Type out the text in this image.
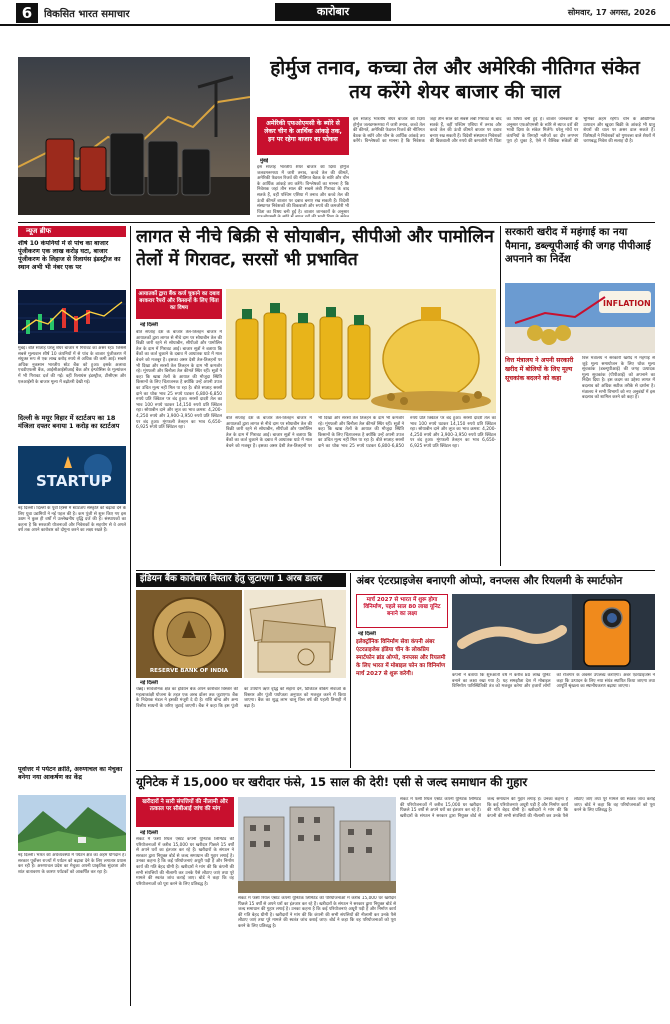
6	विकसित भारत समाचार	कारोबार	सोमवार, 17 अगस्त, 2026
होर्मुज तनाव, कच्चा तेल और अमेरिकी नीतिगत संकेत तय करेंगे शेयर बाजार की चाल
अमेरिकी एफओएमसी के ब्योरे से लेकर चीन के आर्थिक आंकड़े तक, इन पर रहेगा बाजार का फोकस
मुंबई
इस सप्ताह भारतीय शेयर बाजार की दिशा होर्मुज जलडमरूमध्य में जारी तनाव, कच्चे तेल की कीमतें, अमेरिकी फेडरल रिजर्व की नीतिगत बैठक के ब्योरे और चीन के आर्थिक आंकड़े तय करेंगे। विश्लेषकों का मानना है कि निवेशक जहां तीन साल की सबसे लंबी गिरावट के बाद सतर्क हैं, वहीं पश्चिम एशिया में तनाव और कच्चे तेल की ऊंची कीमतें बाजार पर दबाव बनाए रख सकती हैं। विदेशी संस्थागत निवेशकों की बिकवाली और रुपये की कमजोरी भी चिंता का विषय बनी हुई है। बाजार जानकारों के अनुसार
इस सप्ताह भारतीय शेयर बाजार की दिशा होर्मुज जलडमरूमध्य में जारी तनाव, कच्चे तेल की कीमतें, अमेरिकी फेडरल रिजर्व की नीतिगत बैठक के ब्योरे और चीन के आर्थिक आंकड़े तय करेंगे। विश्लेषकों का मानना है कि निवेशक जहां तीन साल की सबसे लंबी गिरावट के बाद सतर्क हैं, वहीं पश्चिम एशिया में तनाव और कच्चे तेल की ऊंची कीमतें बाजार पर दबाव बनाए रख सकती हैं। विदेशी संस्थागत निवेशकों की बिकवाली और रुपये की कमजोरी भी चिंता का विषय बनी हुई है। बाजार जानकारों के अनुसार एफओएमसी के ब्योरे से ब्याज दरों की भावी दिशा के संकेत मिलेंगे। घरेलू मोर्चे पर कंपनियों के तिमाही नतीजों का दौर लगभग पूरा हो चुका है, ऐसे में वैश्विक संकेतों की भूमिका अहम रहेगी। चीन के औद्योगिक उत्पादन और खुदरा बिक्री के आंकड़े भी धातु शेयरों की चाल पर असर डाल सकते हैं। विशेषज्ञों ने निवेशकों को गुणवत्ता वाले शेयरों में चरणबद्ध निवेश की सलाह दी है।
न्यूज ब्रीफ
शीर्ष 10 कंपनियों में से पांच का बाजार पूंजीकरण एक लाख करोड़ घटा, बाजार पूंजीकरण के लिहाज से रिलायंस इंडस्ट्रीज का स्थान अभी भी नंबर एक पर
मुंबई। बीते सप्ताह घरेलू शेयर बाजार में गिरावट का असर रहा। जिससे सबसे मूल्यवान शीर्ष 10 कंपनियों में से पांच के बाजार पूंजीकरण में संयुक्त रूप से एक लाख करोड़ रुपये से अधिक की कमी आई। सबसे अधिक नुकसान भारतीय स्टेट बैंक को हुआ। इसके अलावा एचडीएफसी बैंक, आईसीआईसीआई बैंक और इन्फोसिस के मूल्यांकन में भी गिरावट दर्ज की गई। वहीं रिलायंस इंडस्ट्रीज, टीसीएस और एलआईसी के बाजार मूल्य में बढ़ोतरी देखी गई।
दिल्ली के मयूर विहार में स्टार्टअप का 18 मंजिला दफ्तर बनाया 1 करोड़ का स्टार्टअप
STARTUP
नई दिल्ली। दिल्ली के पूर्वी हिस्से में स्टार्टअप संस्कृति को बढ़ावा देने के लिए युवा उद्यमियों ने नई पहल की है। कम पूंजी से शुरू किए गए इस उद्यम ने कुछ ही वर्षों में उल्लेखनीय वृद्धि दर्ज की है। संस्थापकों का कहना है कि सरकारी योजनाओं और निवेशकों के सहयोग से वे अगले वर्ष तक अपने कारोबार को दोगुना करने का लक्ष्य रखते हैं।
पूर्वोत्तर में पर्यटन क्रांति, अरुणाचल का मेचुका बनेगा नया आकर्षण का केंद्र
नई दिल्ली। भारत की अर्थव्यवस्था में पर्यटन क्षेत्र का अहम योगदान है। सरकार पूर्वोत्तर राज्यों में पर्यटन को बढ़ावा देने के लिए लगातार प्रयास कर रही है। अरुणाचल प्रदेश का मेचुका अपनी प्राकृतिक सुंदरता और शांत वातावरण के कारण पर्यटकों को आकर्षित कर रहा है।
लागत से नीचे बिक्री से सोयाबीन, सीपीओ और पामोलिन तेलों में गिरावट, सरसों भी प्रभावित
आयातकों द्वारा बैंक कर्ज चुकाने का दबाव बरकरार रैपरों और किसानों के लिए चिंता का विषय
नई दिल्ली
बीते सप्ताह देश के बाजार तेल-तिलहन बाजार में आयातकों द्वारा लागत से नीचे दाम पर सोयाबीन तेल की बिक्री जारी रहने से सोयाबीन, सीपीओ और पामोलिन तेल के दाम में गिरावट आई। बाजार सूत्रों ने बताया कि बैंकों का कर्ज चुकाने के दबाव में आयातक घाटे में माल बेचने को मजबूर हैं। इसका असर देशी तेल-तिलहनों पर भी दिखा और सरसों तेल तिलहन के दाम भी कमजोर रहे। मूंगफली और बिनौला तेल कीमतें स्थिर रहीं। सूत्रों ने कहा कि खाद्य तेलों के आयात की मौजूदा स्थिति किसानों के लिए चिंताजनक है क्योंकि उन्हें अपनी उपज का उचित मूल्य नहीं मिल पा रहा है। बीते सप्ताह सरसों दाने का थोक भाव 25 रुपये घटकर 6,800-6,850 रुपये प्रति क्विंटल पर बंद हुआ। सरसों दादरी तेल का भाव 100 रुपये घटकर 14,150 रुपये प्रति क्विंटल रहा। सोयाबीन दाने और लूज का भाव क्रमश: 4,200-4,250 रुपये और 3,900-3,950 रुपये प्रति क्विंटल पर बंद हुआ। मूंगफली तेलहन का भाव 6,650-6,925 रुपये प्रति क्विंटल रहा।
बीते सप्ताह देश के बाजार तेल-तिलहन बाजार में आयातकों द्वारा लागत से नीचे दाम पर सोयाबीन तेल की बिक्री जारी रहने से सोयाबीन, सीपीओ और पामोलिन तेल के दाम में गिरावट आई। बाजार सूत्रों ने बताया कि बैंकों का कर्ज चुकाने के दबाव में आयातक घाटे में माल बेचने को मजबूर हैं। इसका असर देशी तेल-तिलहनों पर भी दिखा और सरसों तेल तिलहन के दाम भी कमजोर रहे। मूंगफली और बिनौला तेल कीमतें स्थिर रहीं। सूत्रों ने कहा कि खाद्य तेलों के आयात की मौजूदा स्थिति किसानों के लिए चिंताजनक है क्योंकि उन्हें अपनी उपज का उचित मूल्य नहीं मिल पा रहा है। बीते सप्ताह सरसों दाने का थोक भाव 25 रुपये घटकर 6,800-6,850 रुपये प्रति क्विंटल पर बंद हुआ। सरसों दादरी तेल का भाव 100 रुपये घटकर 14,150 रुपये प्रति क्विंटल रहा। सोयाबीन दाने और लूज का भाव क्रमश: 4,200-4,250 रुपये और 3,900-3,950 रुपये प्रति क्विंटल पर बंद हुआ। मूंगफली तेलहन का भाव 6,650-6,925 रुपये प्रति क्विंटल रहा।
सरकारी खरीद में महंगाई का नया पैमाना, डब्ल्यूपीआई की जगह पीपीआई अपनाने का निर्देश
INFLATION
वित्त मंत्रालय ने अपनी सरकारी खरीद में बोलियों के लिए मूल्य सूचकांक बदलने को कहा
वित्त मंत्रालय ने सरकारी खरीद में महंगाई से जुड़े मूल्य समायोजन के लिए थोक मूल्य सूचकांक (डब्ल्यूपीआई) की जगह उत्पादक मूल्य सूचकांक (पीपीआई) को अपनाने का निर्देश दिया है। इस कदम का उद्देश्य लागत में बदलाव को अधिक सटीक तरीके से दर्शाना है। मंत्रालय ने सभी विभागों को नए अनुबंधों में इस बदलाव को शामिल करने को कहा है।
इंडियन बैंक कारोबार विस्तार हेतु जुटाएगा 1 अरब डालर
RESERVE BANK OF INDIA
नई दिल्ली
चेन्नई। सार्वजनिक क्षेत्र का इंडियन बैंक अपने कारोबार विस्तार की महत्वाकांक्षी योजना के तहत एक अरब डॉलर तक जुटाएगा। बैंक के निदेशक मंडल ने इसकी मंजूरी दे दी है। राशि बॉन्ड और अन्य वित्तीय साधनों के जरिए जुटाई जाएगी। बैंक ने कहा कि इस पूंजी का उपयोग ऋण वृद्धि को सहारा देने, डिजिटल बैंकिंग सेवाओं के विस्तार और पूंजी पर्याप्तता अनुपात को मजबूत करने में किया जाएगा। बैंक का शुद्ध लाभ चालू वित्त वर्ष की पहली तिमाही में बढ़ा है।
अंबर एंटरप्राइजेस बनाएगी ओप्पो, वनप्लस और रियलमी के स्मार्टफोन
मार्च 2027 से भारत में शुरू होगा विनिर्माण, पहले साल 80 लाख यूनिट बनाने का लक्ष्य
नई दिल्ली
इलेक्ट्रॉनिक विनिर्माण सेवा कंपनी अंबर एंटरप्राइजेस इंडिया चीन के लोकप्रिय स्मार्टफोन ब्रांड ओप्पो, वनप्लस और रियलमी के लिए भारत में मोबाइल फोन का विनिर्माण मार्च 2027 से शुरू करेगी।	कंपनी ने बताया कि शुरुआती वर्ष में करीब 80 लाख यूनिट बनाने का लक्ष्य रखा गया है। यह समझौता देश में मोबाइल विनिर्माण पारिस्थितिकी तंत्र को मजबूत करेगा और हजारों लोगों को रोजगार के अवसर उपलब्ध कराएगा। अंबर एंटरप्राइजेस ने कहा कि उत्पादन के लिए नया संयंत्र स्थापित किया जाएगा तथा आपूर्ति श्रृंखला का स्थानीयकरण बढ़ाया जाएगा।
यूनिटेक में 15,000 घर खरीदार फंसे, 15 साल की देरी! एसी से जल्द समाधान की गुहार
खरीदारों ने सारी संपत्तियों की नीलामी और तत्काल पर सीबीआई जांच की मांग
नई दिल्ली
संकट में फंसी रियल एस्टेट कंपनी यूनिटेक लिमिटेड की परियोजनाओं में करीब 15,000 घर खरीदार पिछले 15 वर्षों से अपने घरों का इंतजार कर रहे हैं। खरीदारों के संगठन ने सरकार द्वारा नियुक्त बोर्ड से जल्द समाधान की गुहार लगाई है। उनका कहना है कि कई परियोजनाएं अधूरी पड़ी हैं और निर्माण कार्य की गति बेहद धीमी है। खरीदारों ने मांग की कि कंपनी की सभी संपत्तियों की नीलामी कर उनके पैसे लौटाए जाएं तथा पूरे मामले की स्वतंत्र जांच कराई जाए। बोर्ड ने कहा कि वह परियोजनाओं को पूरा करने के लिए प्रतिबद्ध है।
संकट में फंसी रियल एस्टेट कंपनी यूनिटेक लिमिटेड की परियोजनाओं में करीब 15,000 घर खरीदार पिछले 15 वर्षों से अपने घरों का इंतजार कर रहे हैं। खरीदारों के संगठन ने सरकार द्वारा नियुक्त बोर्ड से जल्द समाधान की गुहार लगाई है। उनका कहना है कि कई परियोजनाएं अधूरी पड़ी हैं और निर्माण कार्य की गति बेहद धीमी है। खरीदारों ने मांग की कि कंपनी की सभी संपत्तियों की नीलामी कर उनके पैसे लौटाए जाएं तथा पूरे मामले की स्वतंत्र जांच कराई जाए। बोर्ड ने कहा कि वह परियोजनाओं को पूरा करने के लिए प्रतिबद्ध है।
संकट में फंसी रियल एस्टेट कंपनी यूनिटेक लिमिटेड की परियोजनाओं में करीब 15,000 घर खरीदार पिछले 15 वर्षों से अपने घरों का इंतजार कर रहे हैं। खरीदारों के संगठन ने सरकार द्वारा नियुक्त बोर्ड से जल्द समाधान की गुहार लगाई है। उनका कहना है कि कई परियोजनाएं अधूरी पड़ी हैं और निर्माण कार्य की गति बेहद धीमी है। खरीदारों ने मांग की कि कंपनी की सभी संपत्तियों की नीलामी कर उनके पैसे लौटाए जाएं तथा पूरे मामले की स्वतंत्र जांच कराई जाए। बोर्ड ने कहा कि वह परियोजनाओं को पूरा करने के लिए प्रतिबद्ध है।
